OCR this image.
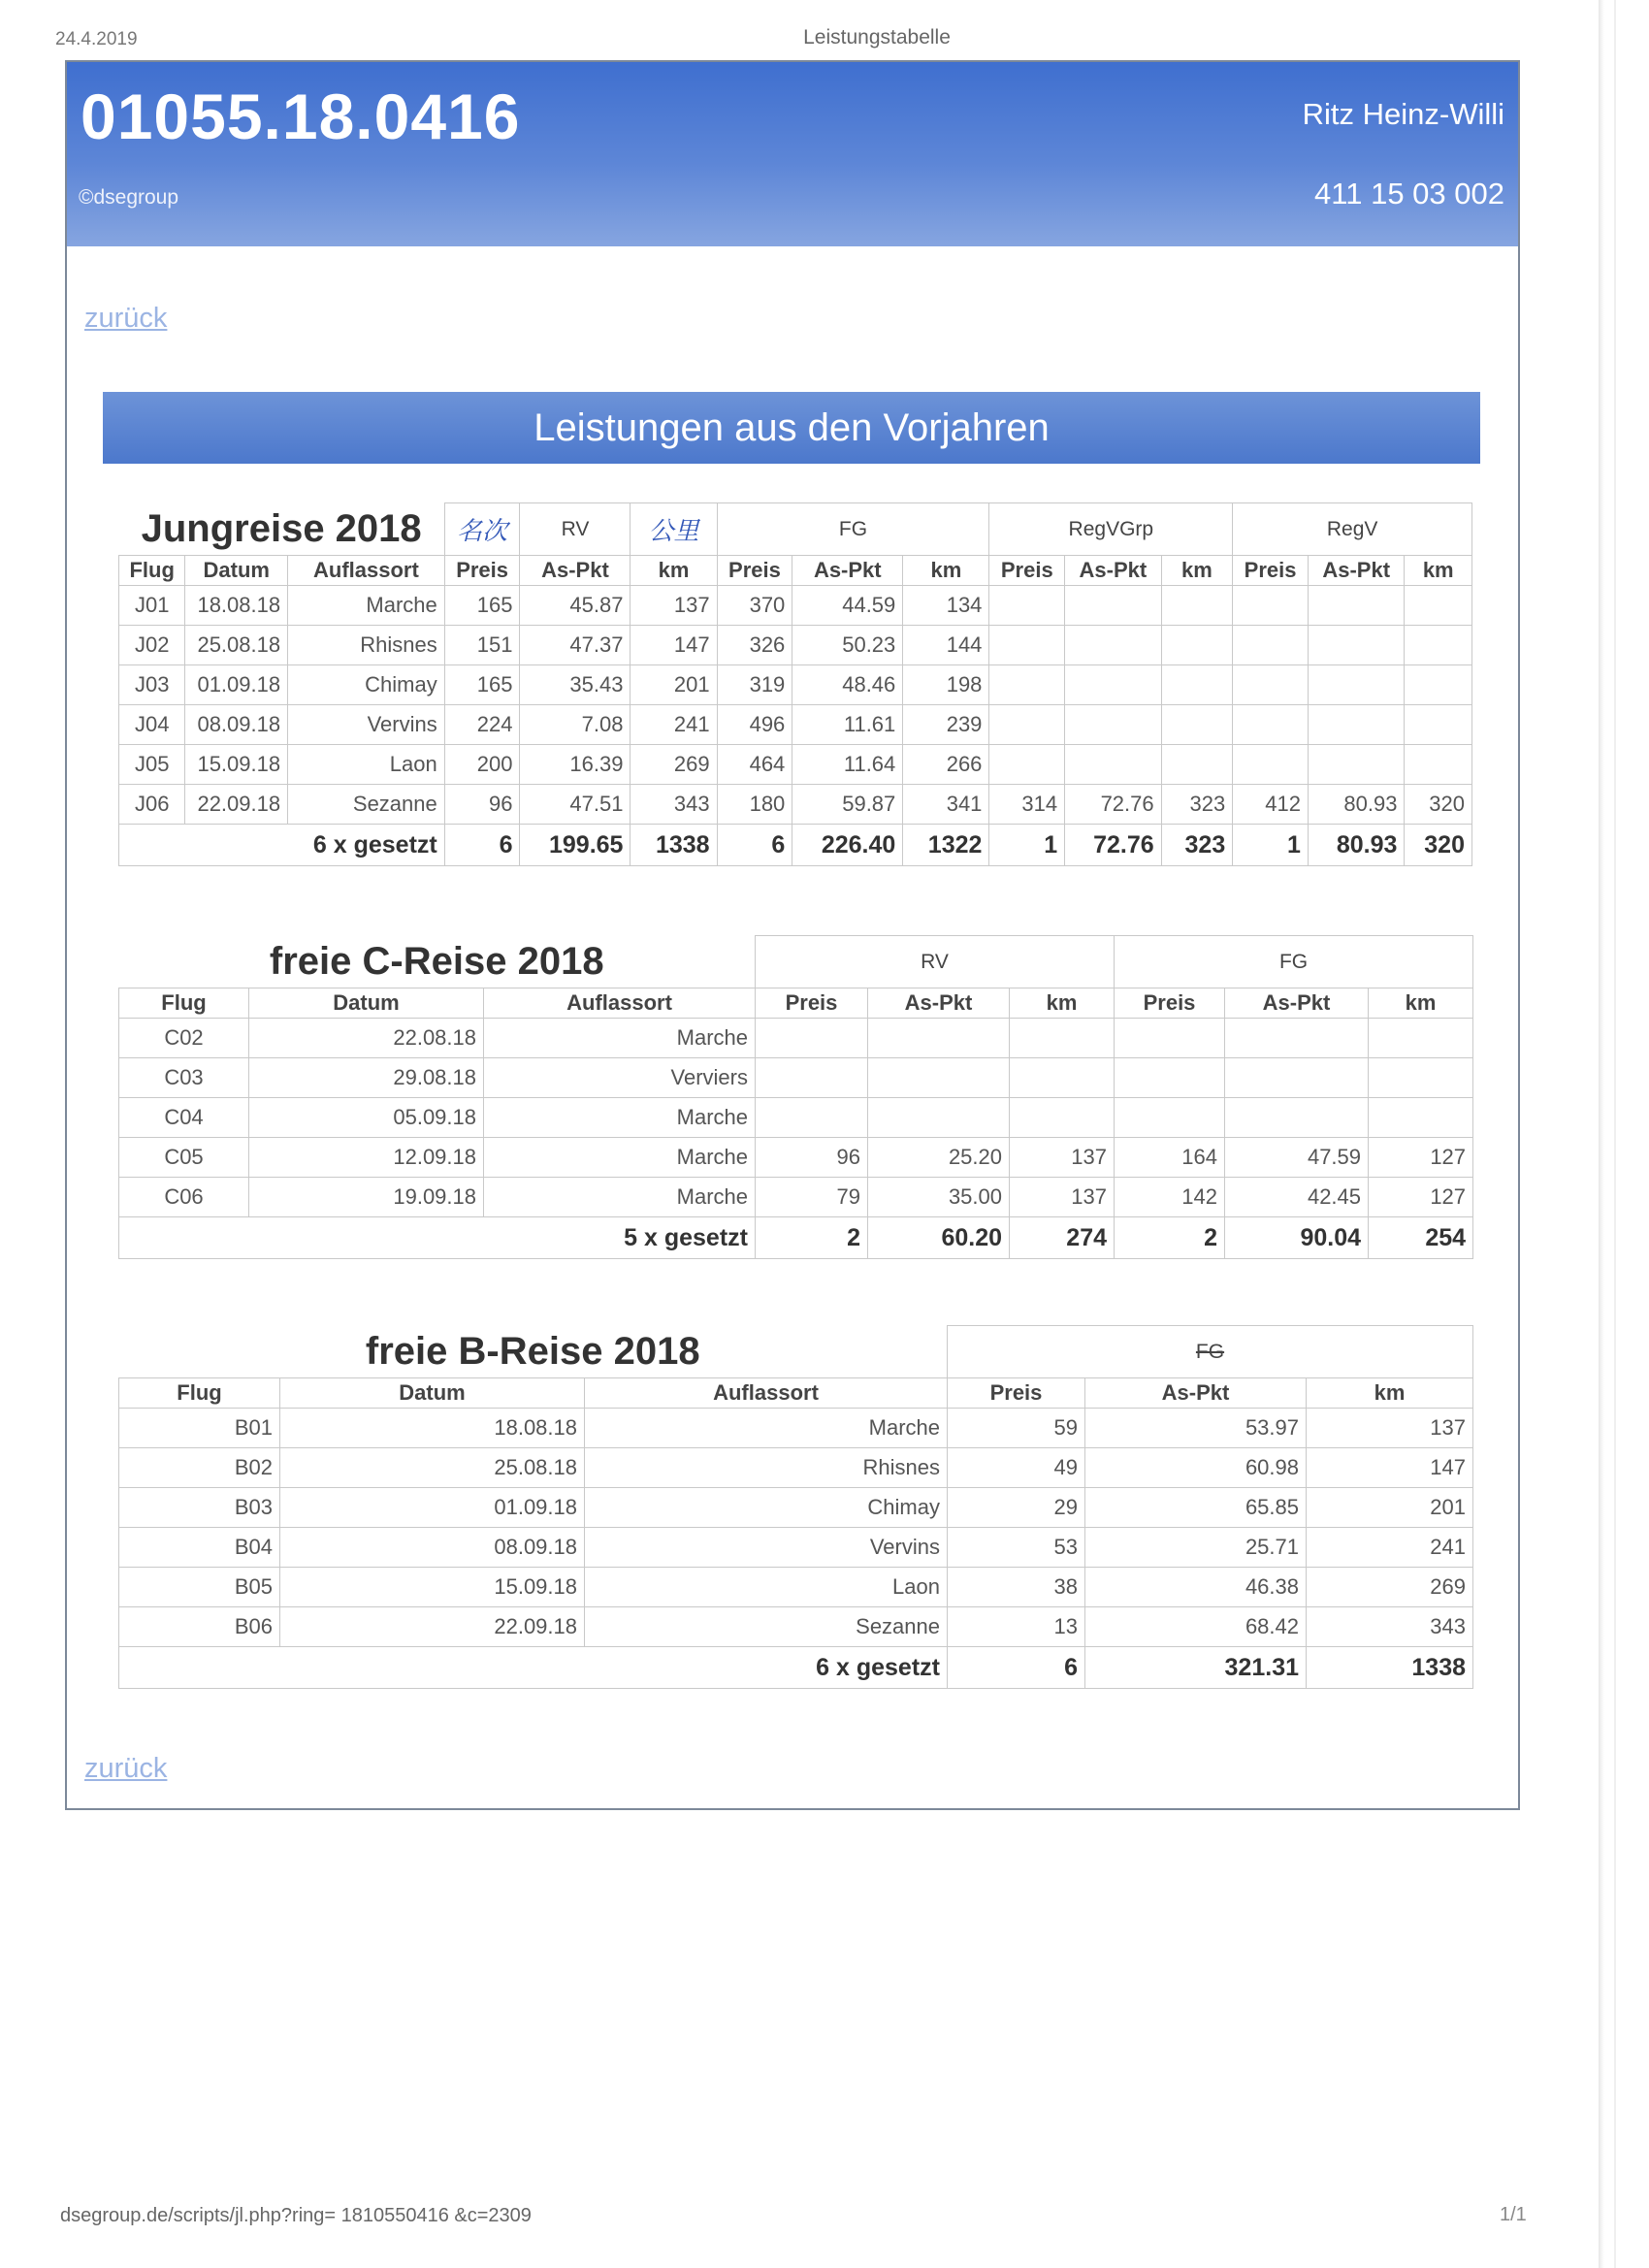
24.4.2019	Leistungstabelle
01055.18.0416
©dsegroup
Ritz Heinz-Willi
411 15 03 002
zurück
Leistungen aus den Vorjahren
Jungreise 2018			名次	RV	公里	FG			RegVGrp			RegV		
Flug	Datum	Auflassort	Preis	As-Pkt	km	Preis	As-Pkt	km	Preis	As-Pkt	km	Preis	As-Pkt	km
J01	18.08.18	Marche	165	45.87	137	370	44.59	134						
J02	25.08.18	Rhisnes	151	47.37	147	326	50.23	144						
J03	01.09.18	Chimay	165	35.43	201	319	48.46	198						
J04	08.09.18	Vervins	224	7.08	241	496	11.61	239						
J05	15.09.18	Laon	200	16.39	269	464	11.64	266						
J06	22.09.18	Sezanne	96	47.51	343	180	59.87	341	314	72.76	323	412	80.93	320
6 x gesetzt			6	199.65	1338	6	226.40	1322	1	72.76	323	1	80.93	320
freie C-Reise 2018			RV			FG		
Flug	Datum	Auflassort	Preis	As-Pkt	km	Preis	As-Pkt	km
C02	22.08.18	Marche						
C03	29.08.18	Verviers						
C04	05.09.18	Marche						
C05	12.09.18	Marche	96	25.20	137	164	47.59	127
C06	19.09.18	Marche	79	35.00	137	142	42.45	127
5 x gesetzt			2	60.20	274	2	90.04	254
freie B-Reise 2018			FG		
Flug	Datum	Auflassort	Preis	As-Pkt	km
B01	18.08.18	Marche	59	53.97	137
B02	25.08.18	Rhisnes	49	60.98	147
B03	01.09.18	Chimay	29	65.85	201
B04	08.09.18	Vervins	53	25.71	241
B05	15.09.18	Laon	38	46.38	269
B06	22.09.18	Sezanne	13	68.42	343
6 x gesetzt			6	321.31	1338
zurück
dsegroup.de/scripts/jl.php?ring= 1810550416 &c=2309	1/1
